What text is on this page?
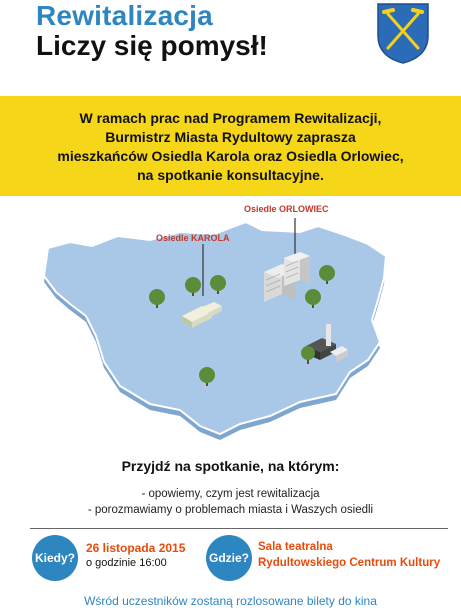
Rewitalizacja
Liczy się pomysł!
W ramach prac nad Programem Rewitalizacji,
Burmistrz Miasta Rydultowy zaprasza
mieszkańców Osiedla Karola oraz Osiedla Orlowiec,
na spotkanie konsultacyjne.
Osiedle KAROLA
Osiedle ORLOWIEC
Przyjdź na spotkanie, na którym:
- opowiemy, czym jest rewitalizacja
- porozmawiamy o problemach miasta i Waszych osiedli
Kiedy?
26 listopada 2015
o godzinie 16:00	Gdzie?
Sala teatralna
Rydultowskiego Centrum Kultury
Wśród uczestników zostaną rozlosowane bilety do kina
